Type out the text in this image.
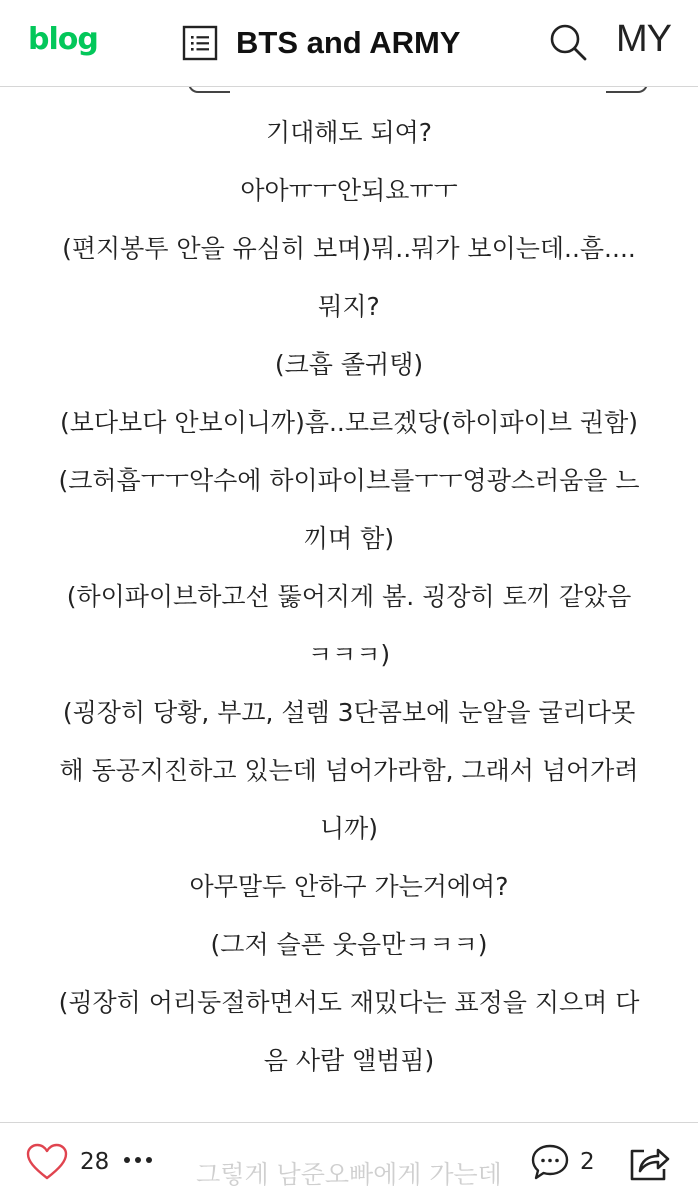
blog	BTS and ARMY	MY
기대해도 되여?
아아ㅠㅜ안되요ㅠㅜ
(편지봉투 안을 유심히 보며)뭐..뭐가 보이는데..흠....
뭐지?
(크흡 졸귀탱)
(보다보다 안보이니까)흠..모르겠당(하이파이브 권함)
(크허흡ㅜㅜ악수에 하이파이브를ㅜㅜ영광스러움을 느
끼며 함)
(하이파이브하고선 뚫어지게 봄. 굉장히 토끼 같았음
ㅋㅋㅋ)
(굉장히 당황, 부끄, 설렘 3단콤보에 눈알을 굴리다못
해 동공지진하고 있는데 넘어가라함, 그래서 넘어가려
니까)
아무말두 안하구 가는거에여?
(그저 슬픈 웃음만ㅋㅋㅋ)
(굉장히 어리둥절하면서도 재밌다는 표정을 지으며 다
음 사람 앨범핌)
그렇게 남준오빠에게 가는데
28	2
